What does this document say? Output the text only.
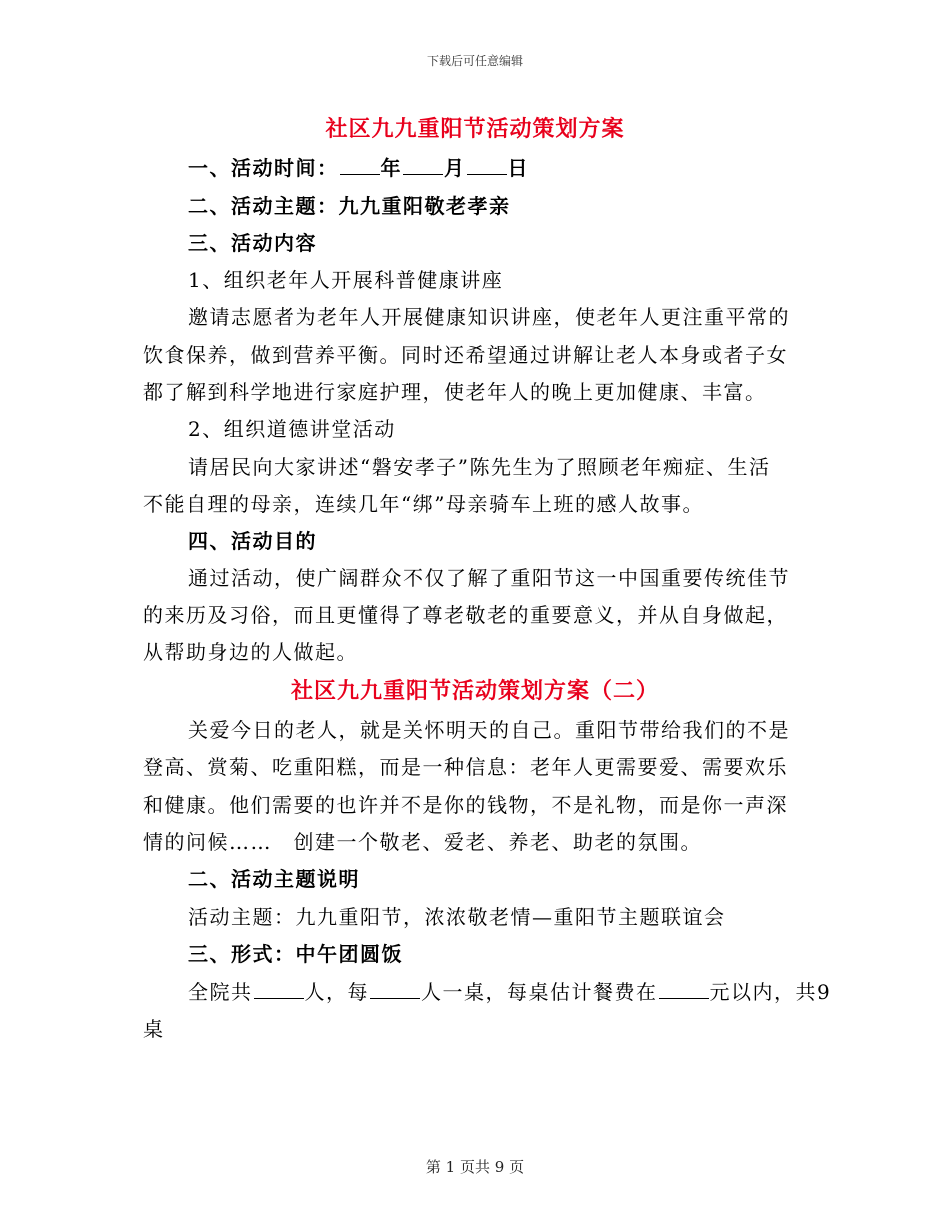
下载后可任意编辑
社区九九重阳节活动策划方案
一、活动时间： 年 月 日
二、活动主题：九九重阳敬老孝亲
三、活动内容
1、组织老年人开展科普健康讲座
邀请志愿者为老年人开展健康知识讲座，使老年人更注重平常的
饮食保养，做到营养平衡。同时还希望通过讲解让老人本身或者子女
都了解到科学地进行家庭护理，使老年人的晚上更加健康、丰富。
2、组织道德讲堂活动
请居民向大家讲述“磐安孝子”陈先生为了照顾老年痴症、生活
不能自理的母亲，连续几年“绑”母亲骑车上班的感人故事。
四、活动目的
通过活动，使广阔群众不仅了解了重阳节这一中国重要传统佳节
的来历及习俗，而且更懂得了尊老敬老的重要意义，并从自身做起，
从帮助身边的人做起。
社区九九重阳节活动策划方案（二）
关爱今日的老人，就是关怀明天的自己。重阳节带给我们的不是
登高、赏菊、吃重阳糕，而是一种信息：老年人更需要爱、需要欢乐
和健康。他们需要的也许并不是你的钱物，不是礼物，而是你一声深
情的问候……　创建一个敬老、爱老、养老、助老的氛围。
二、活动主题说明
活动主题：九九重阳节，浓浓敬老情—重阳节主题联谊会
三、形式：中午团圆饭
全院共	人，每	人一桌，每桌估计餐费在	元以内，共9
桌
第 1 页共 9 页
